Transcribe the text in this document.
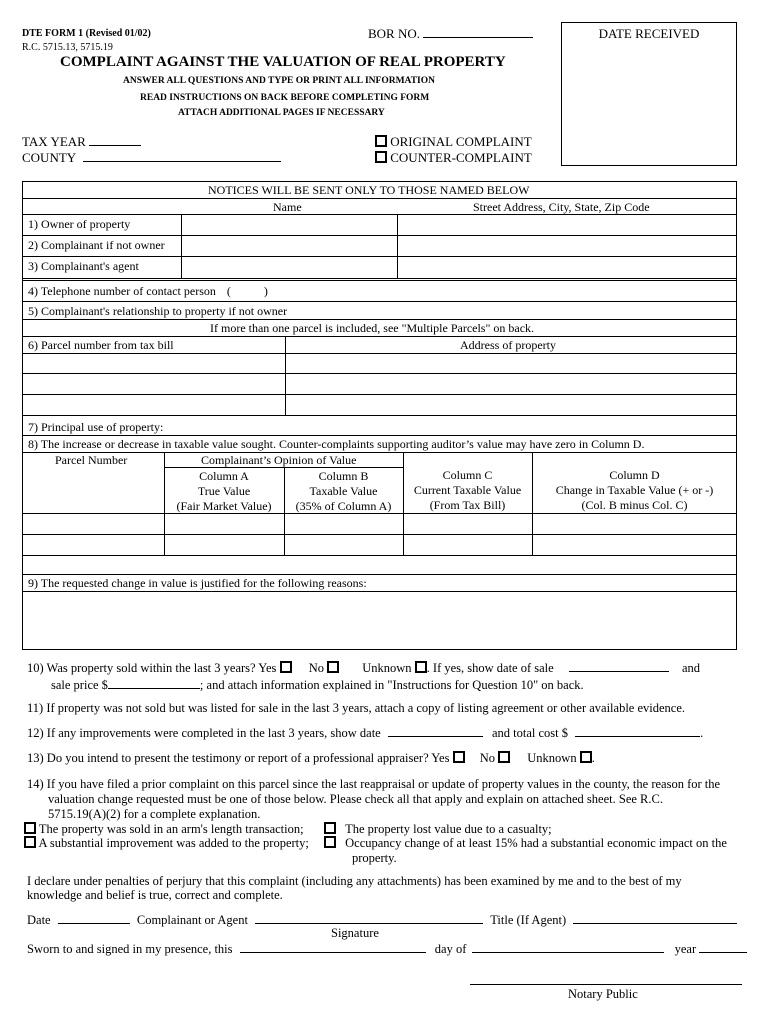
DTE FORM 1 (Revised 01/02)
R.C. 5715.13, 5715.19
BOR NO.	DATE RECEIVED
COMPLAINT AGAINST THE VALUATION OF REAL PROPERTY
ANSWER ALL QUESTIONS AND TYPE OR PRINT ALL INFORMATION
READ INSTRUCTIONS ON BACK BEFORE COMPLETING FORM
ATTACH ADDITIONAL PAGES IF NECESSARY
TAX YEAR
COUNTY
ORIGINAL COMPLAINT
COUNTER-COMPLAINT
NOTICES WILL BE SENT ONLY TO THOSE NAMED BELOW
Name	Street Address, City, State, Zip Code
1) Owner of property
2) Complainant if not owner
3) Complainant's agent
4) Telephone number of contact person (	)
5) Complainant's relationship to property if not owner
If more than one parcel is included, see "Multiple Parcels" on back.
6) Parcel number from tax bill	Address of property
7) Principal use of property:
8) The increase or decrease in taxable value sought. Counter-complaints supporting auditor’s value may have zero in Column D.
Parcel Number	Complainant’s Opinion of Value
Column A
True Value
(Fair Market Value)
Column B
Taxable Value
(35% of Column A)
Column C
Current Taxable Value
(From Tax Bill)
Column D
Change in Taxable Value (+ or -)
(Col. B minus Col. C)
9) The requested change in value is justified for the following reasons:
10) Was property sold within the last 3 years? Yes	No	Unknown . If yes, show date of sale	and
sale price $	; and attach information explained in "Instructions for Question 10" on back.
11) If property was not sold but was listed for sale in the last 3 years, attach a copy of listing agreement or other available evidence.
12) If any improvements were completed in the last 3 years, show date	and total cost $	.
13) Do you intend to present the testimony or report of a professional appraiser? Yes No	Unknown .
14) If you have filed a prior complaint on this parcel since the last reappraisal or update of property values in the county, the reason for the
valuation change requested must be one of those below. Please check all that apply and explain on attached sheet. See R.C.
5715.19(A)(2) for a complete explanation.
The property was sold in an arm's length transaction;	The property lost value due to a casualty;
A substantial improvement was added to the property;	Occupancy change of at least 15% had a substantial economic impact on the
property.
I declare under penalties of perjury that this complaint (including any attachments) has been examined by me and to the best of my
knowledge and belief is true, correct and complete.
Date	Complainant or Agent	Title (If Agent)
Signature
Sworn to and signed in my presence, this	day of	year
Notary Public
